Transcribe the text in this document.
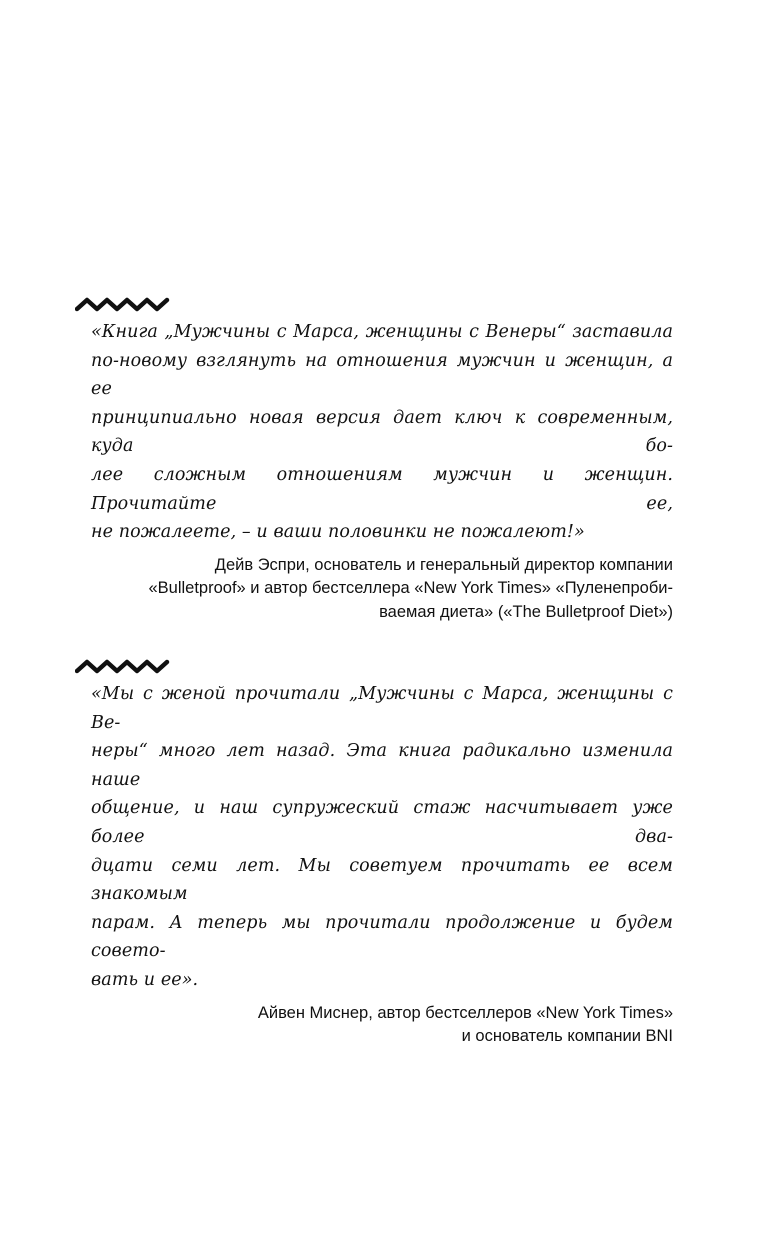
«Книга „Мужчины с Марса, женщины с Венеры“ заставила
по-новому взглянуть на отношения мужчин и женщин, а ее
принципиально новая версия дает ключ к современным, куда бо-
лее сложным отношениям мужчин и женщин. Прочитайте ее,
не пожалеете, – и ваши половинки не пожалеют!»

Дейв Эспри, основатель и генеральный директор компании
«Bulletproof» и автор бестселлера «New York Times» «Пуленепроби-
ваемая диета» («The Bulletproof Diet»)

«Мы с женой прочитали „Мужчины с Марса, женщины с Ве-
неры“ много лет назад. Эта книга радикально изменила наше
общение, и наш супружеский стаж насчитывает уже более два-
дцати семи лет. Мы советуем прочитать ее всем знакомым
парам. А теперь мы прочитали продолжение и будем совето-
вать и ее».

Айвен Миснер, автор бестселлеров «New York Times»
и основатель компании BNI
